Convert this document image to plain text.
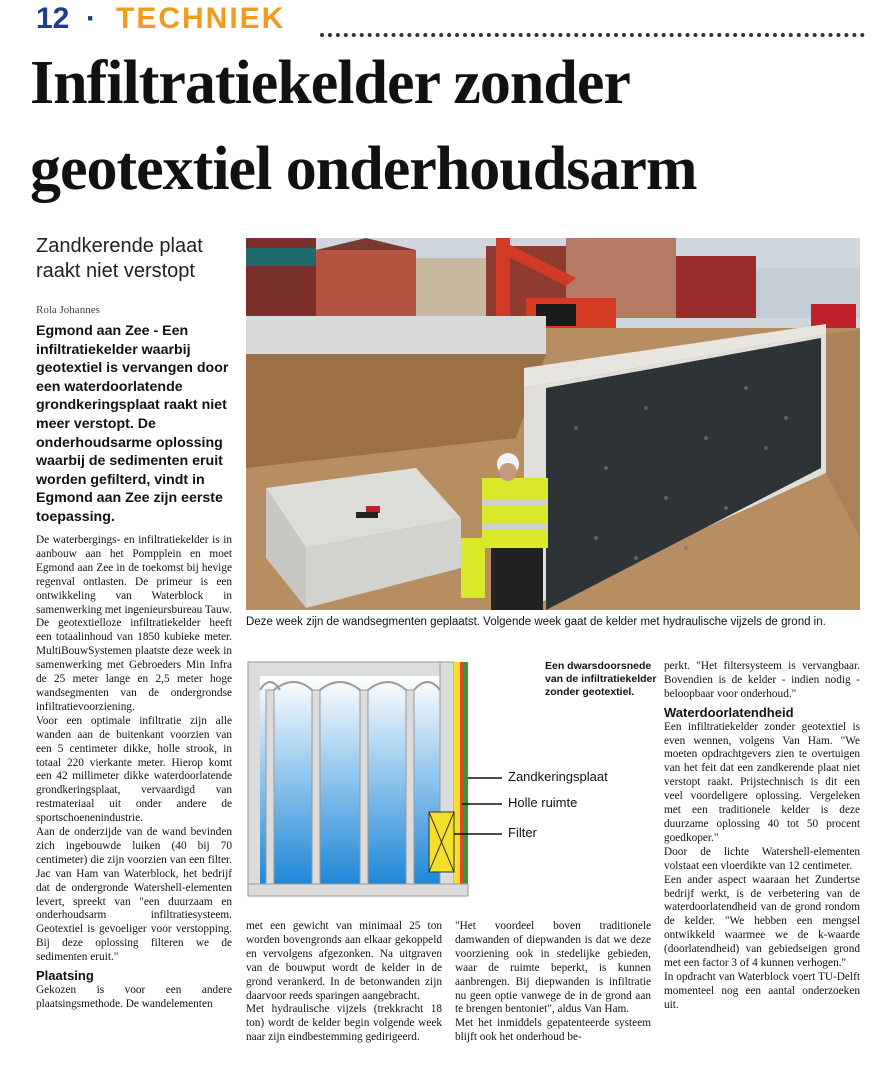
12 · TECHNIEK
Infiltratiekelder zonder
geotextiel onderhoudsarm
Zandkerende plaat raakt niet verstopt
Rola Johannes
Egmond aan Zee - Een infiltratiekelder waarbij geotextiel is vervangen door een waterdoorlatende grondkeringsplaat raakt niet meer verstopt. De onderhoudsarme oplossing waarbij de sedimenten eruit worden gefilterd, vindt in Egmond aan Zee zijn eerste toepassing.
Deze week zijn de wandsegmenten geplaatst. Volgende week gaat de kelder met hydraulische vijzels de grond in.
Zandkeringsplaat
Holle ruimte
Filter
Een dwarsdoorsnede van de infiltratiekelder zonder geotextiel.

De waterbergings- en infiltratiekelder is in aanbouw aan het Pompplein en moet Egmond aan Zee in de toekomst bij hevige regenval ontlasten. De primeur is een ontwikkeling van Waterblock in samenwerking met ingenieursbureau Tauw.

De geotextielloze infiltratiekelder heeft een totaalinhoud van 1850 kubieke meter. MultiBouwSystemen plaatste deze week in samenwerking met Gebroeders Min Infra de 25 meter lange en 2,5 meter hoge wandsegmenten van de ondergrondse infiltratievoorziening.

Voor een optimale infiltratie zijn alle wanden aan de buitenkant voorzien van een 5 centimeter dikke, holle strook, in totaal 220 vierkante meter. Hierop komt een 42 millimeter dikke waterdoorlatende grondkeringsplaat, vervaardigd van restmateriaal uit onder andere de sportschoenenindustrie.

Aan de onderzijde van de wand bevinden zich ingebouwde luiken (40 bij 70 centimeter) die zijn voorzien van een filter. Jac van Ham van Waterblock, het bedrijf dat de ondergronde Watershell-elementen levert, spreekt van "een duurzaam en onderhoudsarm infiltratiesysteem. Geotextiel is gevoeliger voor verstopping. Bij deze oplossing filteren we de sedimenten eruit."

Plaatsing

Gekozen is voor een andere plaatsingsmethode. De wandelementen

met een gewicht van minimaal 25 ton worden bovengronds aan elkaar gekoppeld en vervolgens afgezonken. Na uitgraven van de bouwput wordt de kelder in de grond verankerd. In de betonwanden zijn daarvoor reeds sparingen aangebracht.

Met hydraulische vijzels (trekkracht 18 ton) wordt de kelder begin volgende week naar zijn eindbestemming gedirigeerd.

"Het voordeel boven traditionele damwanden of diepwanden is dat we deze voorziening ook in stedelijke gebieden, waar de ruimte beperkt, is kunnen aanbrengen. Bij diepwanden is infiltratie nu geen optie vanwege de in de grond aan te brengen bentoniet", aldus Van Ham.

Met het inmiddels gepatenteerde systeem blijft ook het onderhoud be-

perkt. "Het filtersysteem is vervangbaar. Bovendien is de kelder - indien nodig - beloopbaar voor onderhoud."

Waterdoorlatendheid

Een infiltratiekelder zonder geotextiel is even wennen, volgens Van Ham. "We moeten opdrachtgevers zien te overtuigen van het feit dat een zandkerende plaat niet verstopt raakt. Prijstechnisch is dit een veel voordeligere oplossing. Vergeleken met een traditionele kelder is deze duurzame oplossing 40 tot 50 procent goedkoper."

Door de lichte Watershell-elementen volstaat een vloerdikte van 12 centimeter.

Een ander aspect waaraan het Zundertse bedrijf werkt, is de verbetering van de waterdoorlatendheid van de grond rondom de kelder. "We hebben een mengsel ontwikkeld waarmee we de k-waarde (doorlatendheid) van gebiedseigen grond met een factor 3 of 4 kunnen verhogen."

In opdracht van Waterblock voert TU-Delft momenteel nog een aantal onderzoeken uit.
